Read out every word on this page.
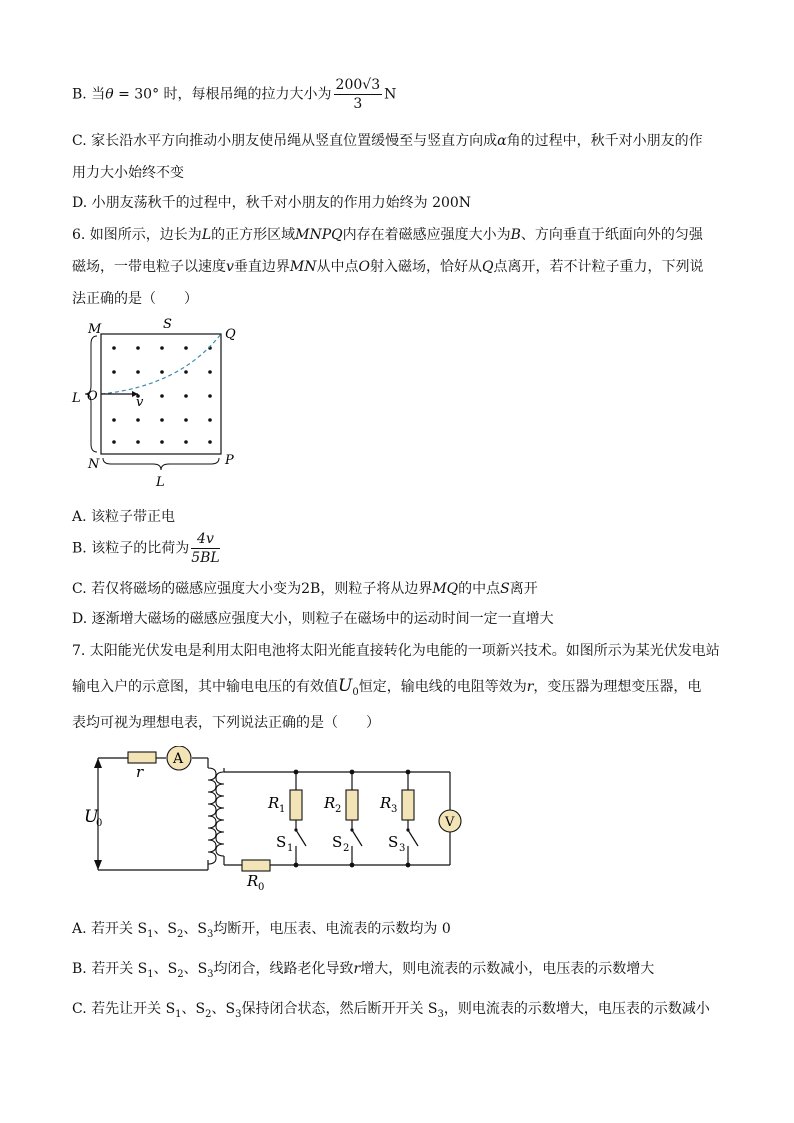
B. 当θ = 30° 时，每根吊绳的拉力大小为 $\frac{200√3}{3}$ N
C. 家长沿水平方向推动小朋友使吊绳从竖直位置缓慢至与竖直方向成α角的过程中，秋千对小朋友的作
用力大小始终不变
D. 小朋友荡秋千的过程中，秋千对小朋友的作用力始终为 200N
6. 如图所示，边长为L的正方形区域MNPQ内存在着磁感应强度大小为B、方向垂直于纸面向外的匀强
磁场，一带电粒子以速度v垂直边界MN从中点O射入磁场，恰好从Q点离开，若不计粒子重力，下列说
法正确的是（　　）
M	S
Q
L O	v
N	P
L
A. 该粒子带正电
B. 该粒子的比荷为 $\frac{4v}{5BL}$
C. 若仅将磁场的磁感应强度大小变为2B，则粒子将从边界MQ的中点S离开
D. 逐渐增大磁场的磁感应强度大小，则粒子在磁场中的运动时间一定一直增大
7. 太阳能光伏发电是利用太阳电池将太阳光能直接转化为电能的一项新兴技术。如图所示为某光伏发电站
输电入户的示意图，其中输电电压的有效值$U_0$恒定，输电线的电阻等效为r，变压器为理想变压器，电
表均可视为理想电表，下列说法正确的是（　　）
r
A
U
0
R 1	R 2	R 3
S 1	S 2	S 3
R 0
V
A. 若开关 $S_1$、$S_2$、$S_3$均断开，电压表、电流表的示数均为 0
B. 若开关 $S_1$、$S_2$、$S_3$均闭合，线路老化导致r增大，则电流表的示数减小，电压表的示数增大
C. 若先让开关 $S_1$、$S_2$、$S_3$保持闭合状态，然后断开开关 $S_3$，则电流表的示数增大，电压表的示数减小
